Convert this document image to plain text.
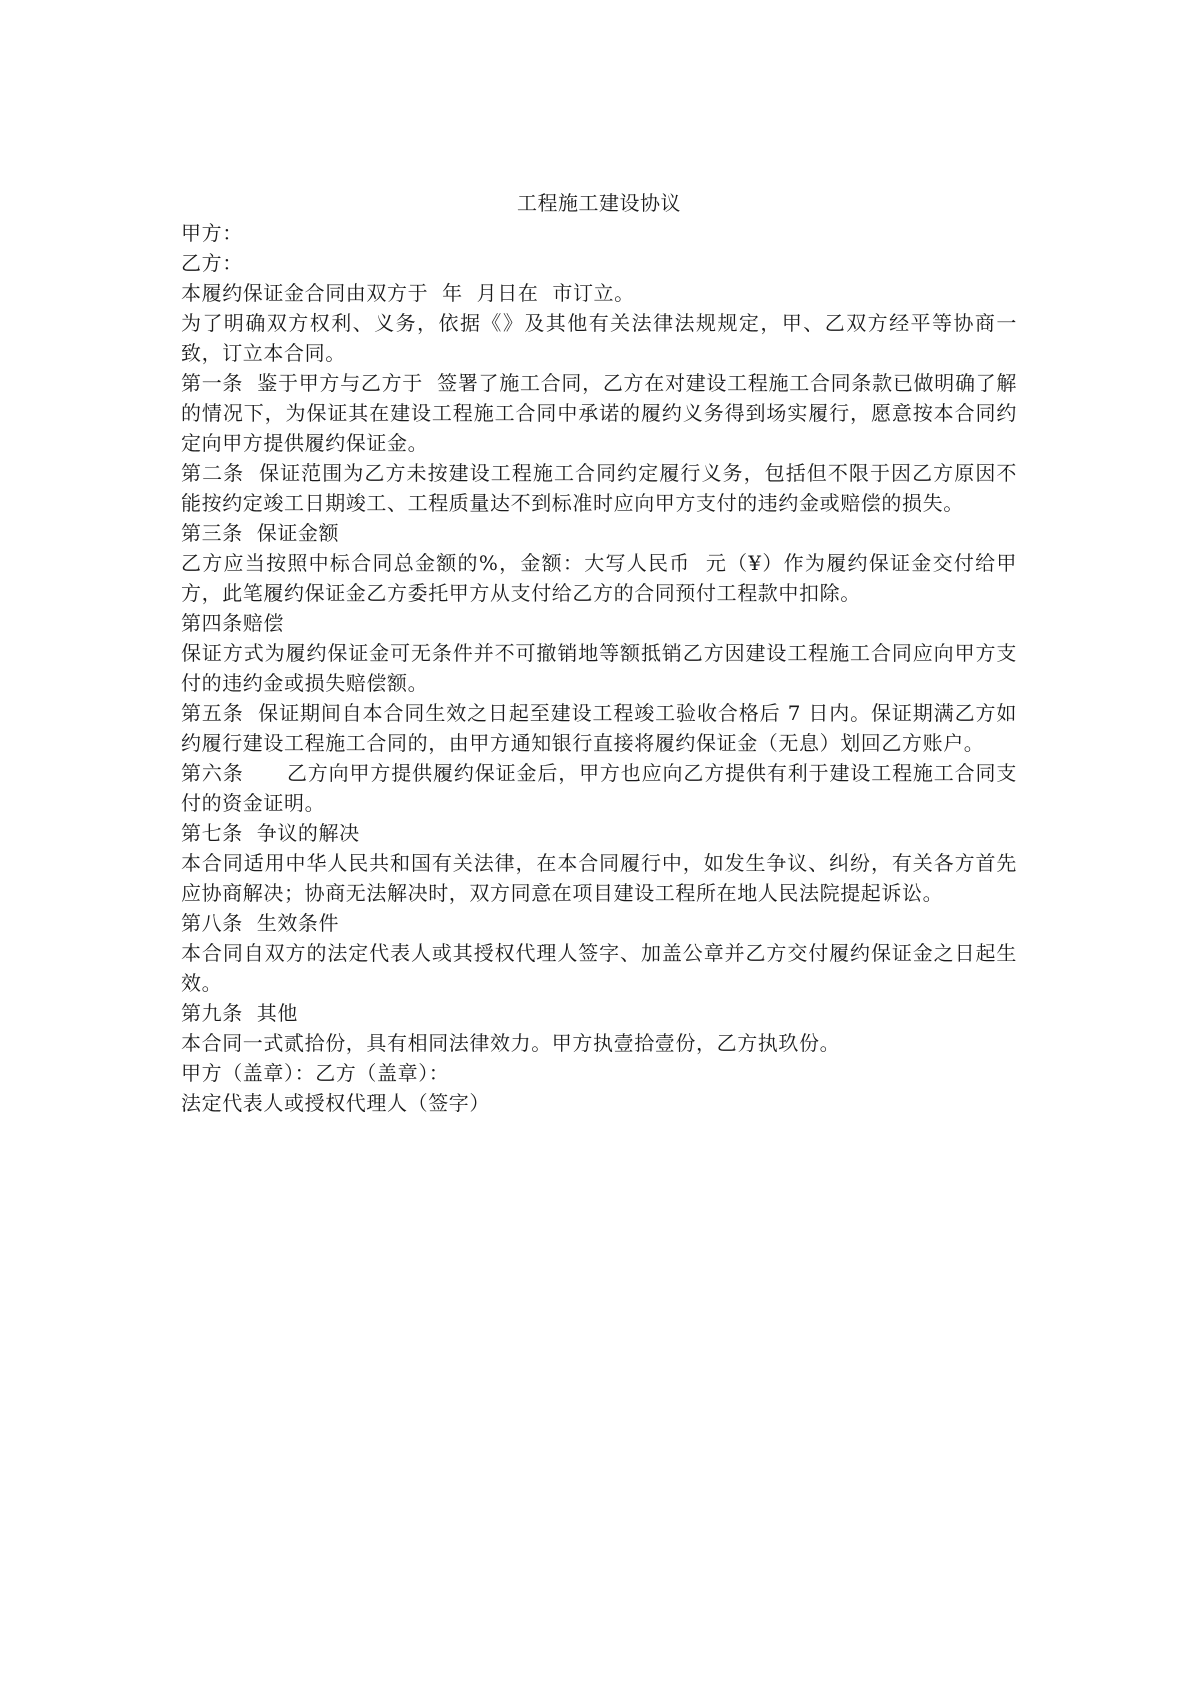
工程施工建设协议
甲方：
乙方：
本履约保证金合同由双方于  年  月日在  市订立。
为了明确双方权利、义务，依据《》及其他有关法律法规规定，甲、乙双方经平等协商一致，订立本合同。
第一条  鉴于甲方与乙方于  签署了施工合同，乙方在对建设工程施工合同条款已做明确了解的情况下，为保证其在建设工程施工合同中承诺的履约义务得到场实履行，愿意按本合同约定向甲方提供履约保证金。
第二条  保证范围为乙方未按建设工程施工合同约定履行义务，包括但不限于因乙方原因不能按约定竣工日期竣工、工程质量达不到标准时应向甲方支付的违约金或赔偿的损失。
第三条  保证金额
乙方应当按照中标合同总金额的%，金额：大写人民币  元（¥）作为履约保证金交付给甲方，此笔履约保证金乙方委托甲方从支付给乙方的合同预付工程款中扣除。
第四条赔偿
保证方式为履约保证金可无条件并不可撤销地等额抵销乙方因建设工程施工合同应向甲方支付的违约金或损失赔偿额。
第五条  保证期间自本合同生效之日起至建设工程竣工验收合格后 7 日内。保证期满乙方如约履行建设工程施工合同的，由甲方通知银行直接将履约保证金（无息）划回乙方账户。
第六条      乙方向甲方提供履约保证金后，甲方也应向乙方提供有利于建设工程施工合同支付的资金证明。
第七条  争议的解决
本合同适用中华人民共和国有关法律，在本合同履行中，如发生争议、纠纷，有关各方首先应协商解决；协商无法解决时，双方同意在项目建设工程所在地人民法院提起诉讼。
第八条  生效条件
本合同自双方的法定代表人或其授权代理人签字、加盖公章并乙方交付履约保证金之日起生效。
第九条  其他
本合同一式贰拾份，具有相同法律效力。甲方执壹拾壹份，乙方执玖份。
甲方（盖章）：乙方（盖章）：
法定代表人或授权代理人（签字）
